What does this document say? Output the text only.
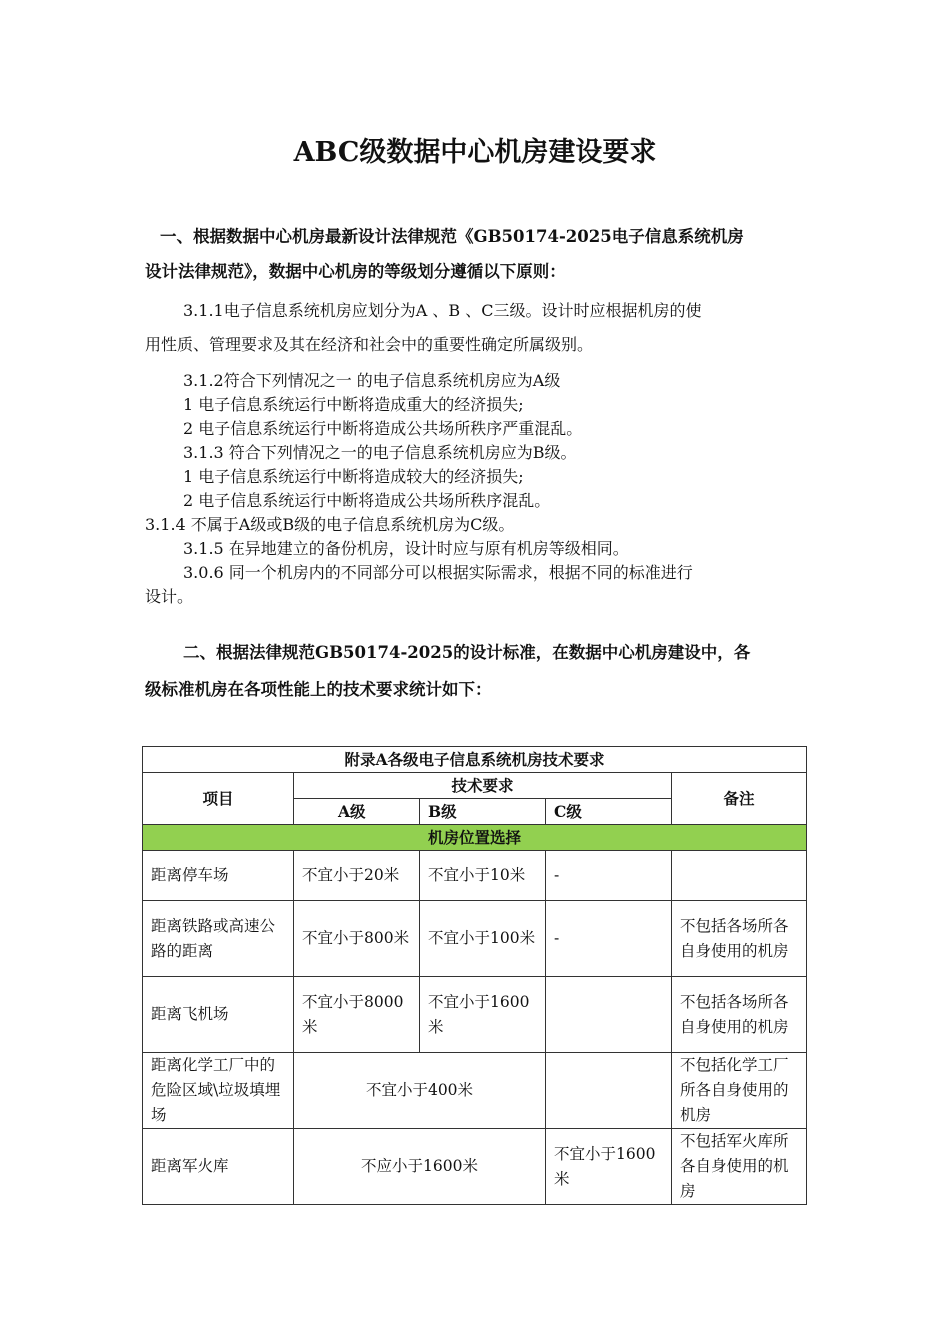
ABC级数据中心机房建设要求
一、根据数据中心机房最新设计法律规范《GB50174-2025电子信息系统机房
设计法律规范》，数据中心机房的等级划分遵循以下原则：
3.1.1电子信息系统机房应划分为A 、B 、C三级。设计时应根据机房的使
用性质、管理要求及其在经济和社会中的重要性确定所属级别。
3.1.2符合下列情况之一 的电子信息系统机房应为A级
1 电子信息系统运行中断将造成重大的经济损失;
2 电子信息系统运行中断将造成公共场所秩序严重混乱。
3.1.3 符合下列情况之一的电子信息系统机房应为B级。
1 电子信息系统运行中断将造成较大的经济损失;
2 电子信息系统运行中断将造成公共场所秩序混乱。
3.1.4 不属于A级或B级的电子信息系统机房为C级。
3.1.5 在异地建立的备份机房，设计时应与原有机房等级相同。
3.0.6 同一个机房内的不同部分可以根据实际需求，根据不同的标准进行
设计。
二、根据法律规范GB50174-2025的设计标准，在数据中心机房建设中，各
级标准机房在各项性能上的技术要求统计如下：
附录A各级电子信息系统机房技术要求				
项目	技术要求			备注
	A级	B级	C级	
机房位置选择				
距离停车场	不宜小于20米	不宜小于10米	-	
距离铁路或高速公路的距离	不宜小于800米	不宜小于100米	-	不包括各场所各自身使用的机房
距离飞机场	不宜小于8000米	不宜小于1600米		不包括各场所各自身使用的机房
距离化学工厂中的危险区域\垃圾填埋场	不宜小于400米			不包括化学工厂所各自身使用的机房
距离军火库	不应小于1600米		不宜小于1600米	不包括军火库所各自身使用的机房
